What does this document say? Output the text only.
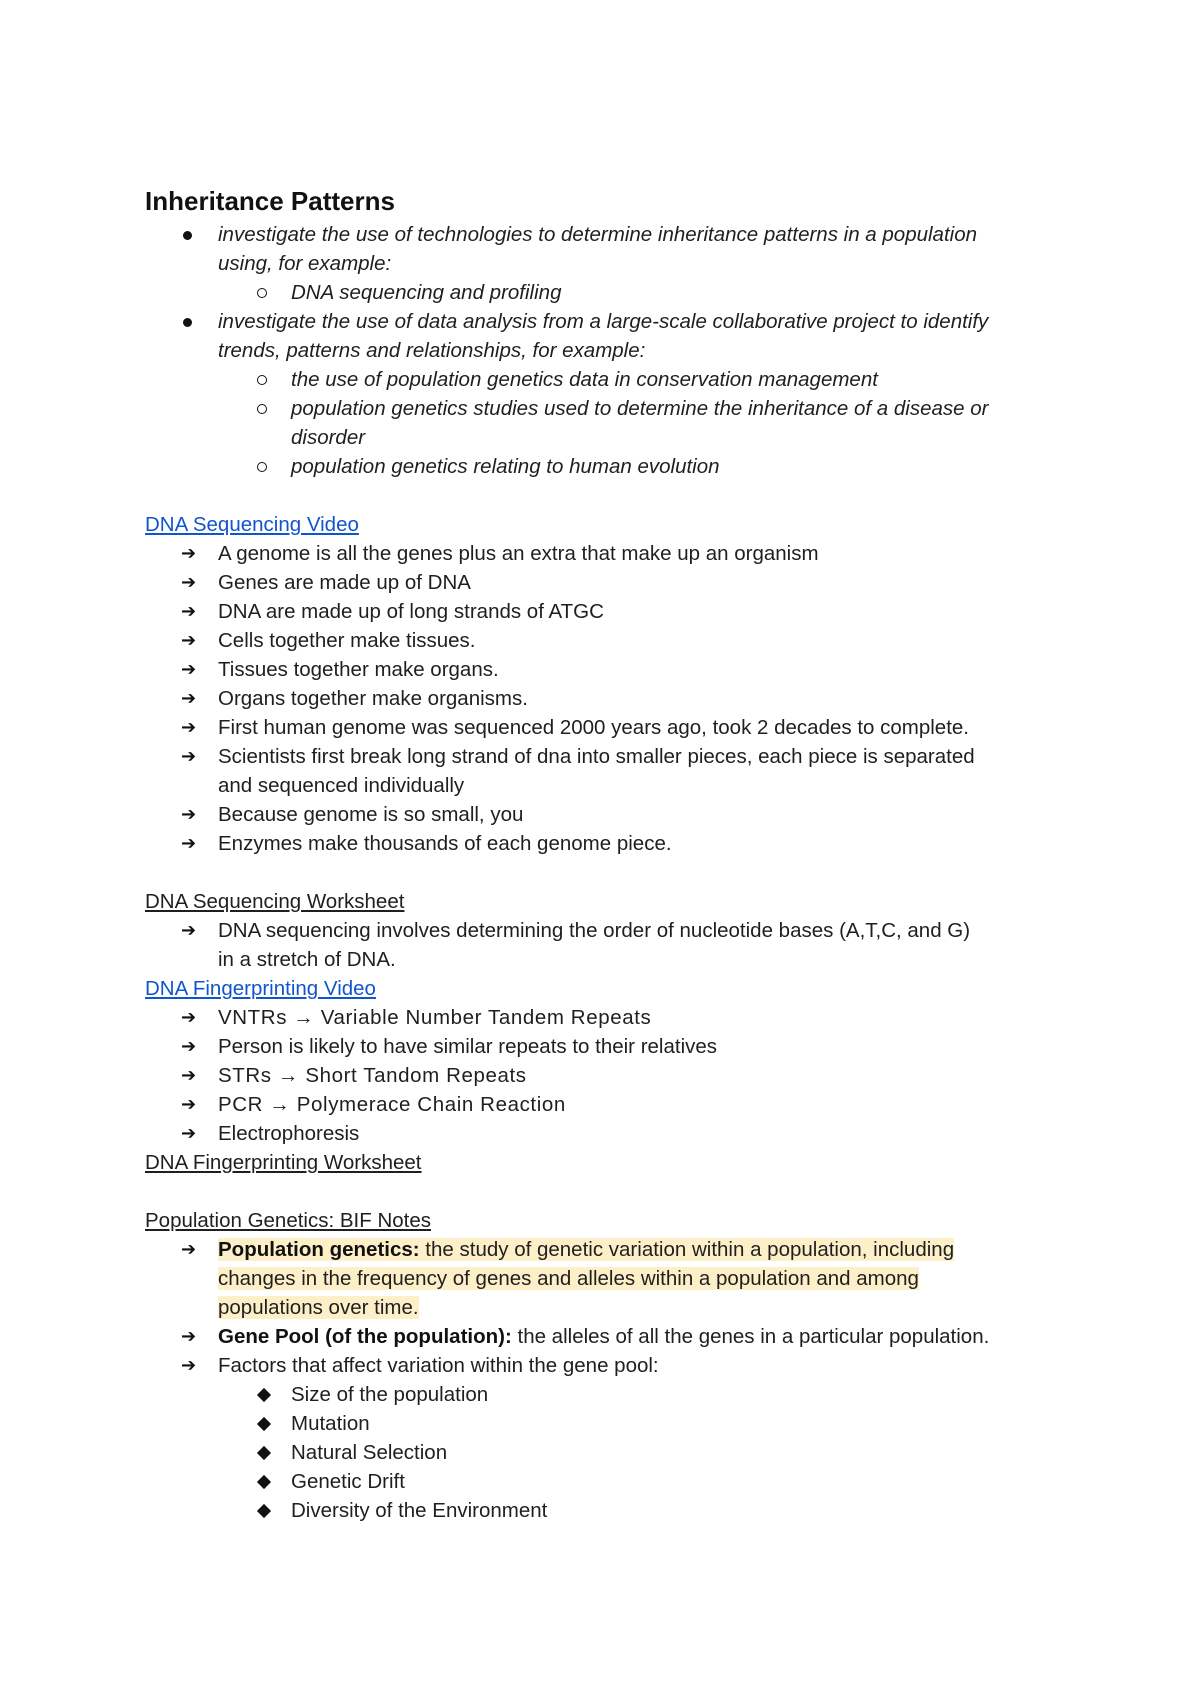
Inheritance Patterns
investigate the use of technologies to determine inheritance patterns in a population
using, for example:
DNA sequencing and profiling
investigate the use of data analysis from a large-scale collaborative project to identify
trends, patterns and relationships, for example:
the use of population genetics data in conservation management
population genetics studies used to determine the inheritance of a disease or
disorder
population genetics relating to human evolution
DNA Sequencing Video
➔ A genome is all the genes plus an extra that make up an organism
➔ Genes are made up of DNA
➔ DNA are made up of long strands of ATGC
➔ Cells together make tissues.
➔ Tissues together make organs.
➔ Organs together make organisms.
➔ First human genome was sequenced 2000 years ago, took 2 decades to complete.
➔ Scientists first break long strand of dna into smaller pieces, each piece is separated
and sequenced individually
➔ Because genome is so small, you
➔ Enzymes make thousands of each genome piece.
DNA Sequencing Worksheet
➔ DNA sequencing involves determining the order of nucleotide bases (A,T,C, and G)
in a stretch of DNA.
DNA Fingerprinting Video
➔ VNTRs → Variable Number Tandem Repeats
➔ Person is likely to have similar repeats to their relatives
➔ STRs → Short Tandom Repeats
➔ PCR → Polymerace Chain Reaction
➔ Electrophoresis
DNA Fingerprinting Worksheet
Population Genetics: BIF Notes
➔ Population genetics: the study of genetic variation within a population, including
changes in the frequency of genes and alleles within a population and among
populations over time.
➔ Gene Pool (of the population): the alleles of all the genes in a particular population.
➔ Factors that affect variation within the gene pool:
Size of the population
Mutation
Natural Selection
Genetic Drift
Diversity of the Environment
